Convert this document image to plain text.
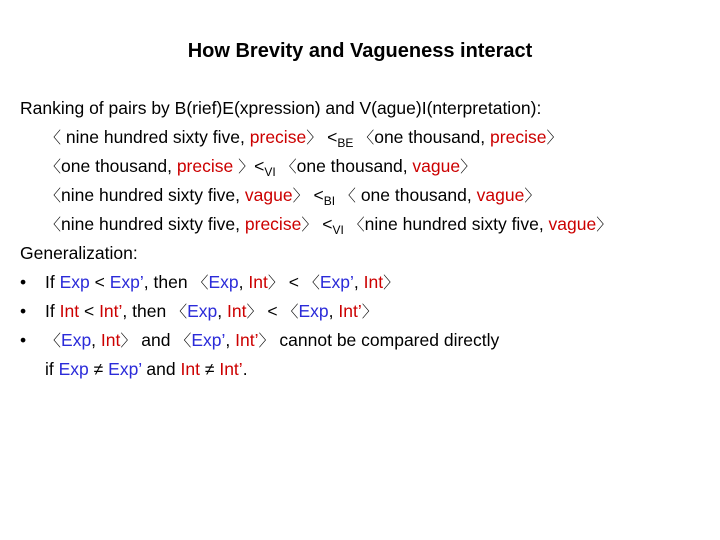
How Brevity and Vagueness interact
Ranking of pairs by B(rief)E(xpression) and V(ague)I(nterpretation):
〈 nine hundred sixty five, precise〉 $<_{BE}$ 〈one thousand, precise〉
〈one thousand, precise 〉$<_{VI}$ 〈one thousand, vague〉
〈nine hundred sixty five, vague〉 $<_{BI}$ 〈 one thousand, vague〉
〈nine hundred sixty five, precise〉 $<_{VI}$ 〈nine hundred sixty five, vague〉
Generalization:
•	If Exp < Exp’, then 〈Exp, Int〉 < 〈Exp’, Int〉
•	If Int < Int’, then 〈Exp, Int〉 < 〈Exp, Int’〉
•	〈Exp, Int〉 and 〈Exp’, Int’〉 cannot be compared directly
if Exp ≠ Exp’ and Int ≠ Int’.
